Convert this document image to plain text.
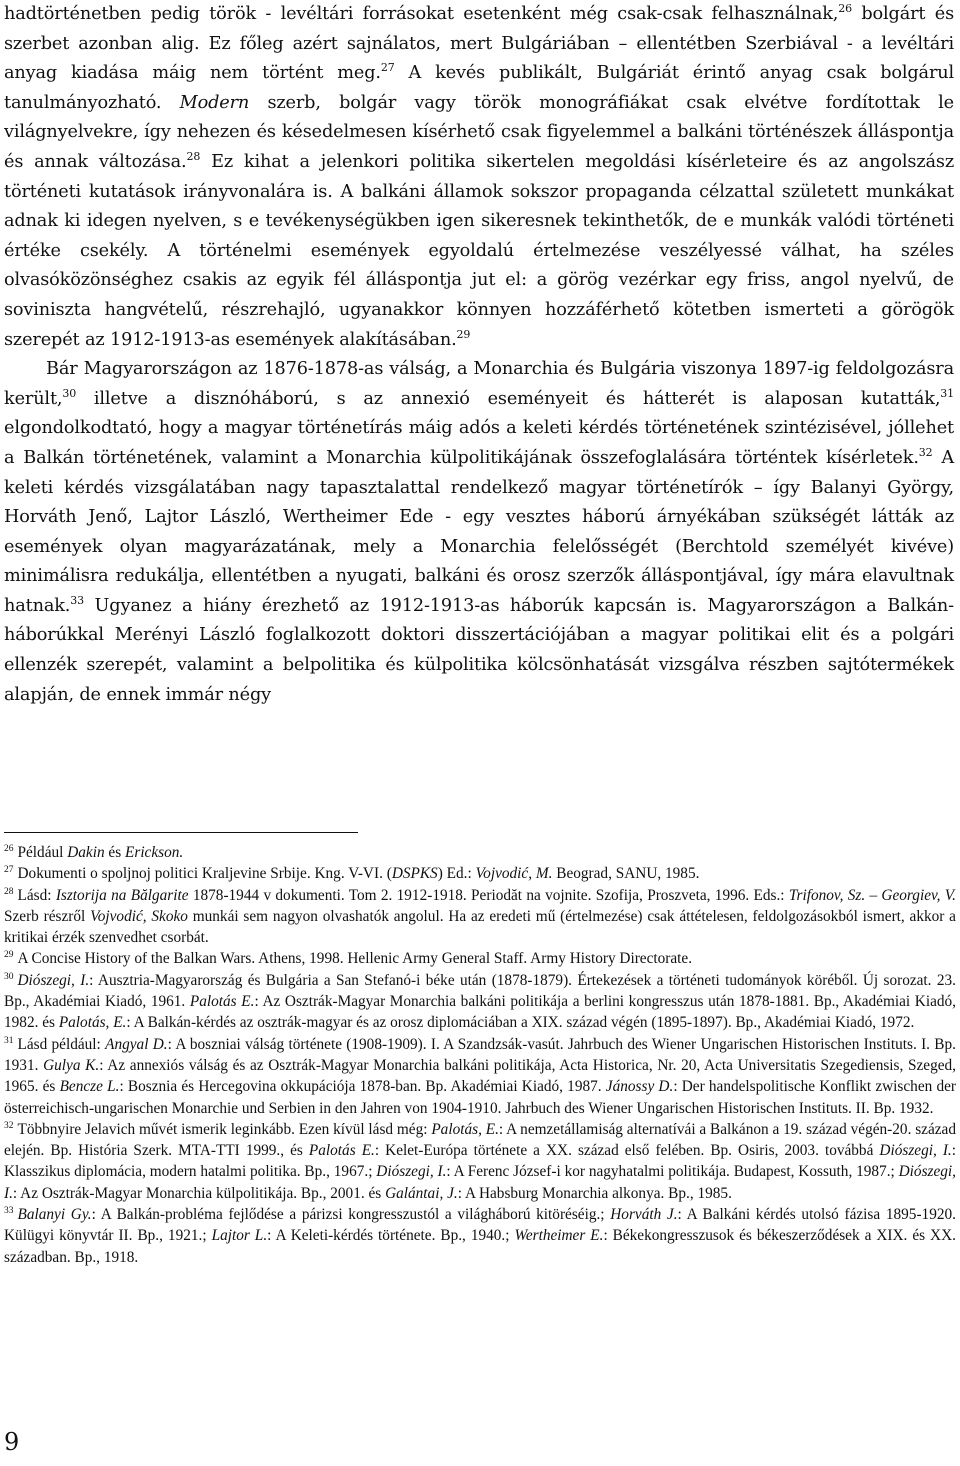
hadtörténetben pedig török - levéltári forrásokat esetenként még csak-csak felhasználnak,$^{26}$ bolgárt és szerbet azonban alig. Ez főleg azért sajnálatos, mert Bulgáriában – ellentétben Szerbiával - a levéltári anyag kiadása máig nem történt meg.$^{27}$ A kevés publikált, Bulgáriát érintő anyag csak bolgárul tanulmányozható. Modern szerb, bolgár vagy török monográfiákat csak elvétve fordítottak le világnyelvekre, így nehezen és késedelmesen kísérhető csak figyelemmel a balkáni történészek álláspontja és annak változása.$^{28}$ Ez kihat a jelenkori politika sikertelen megoldási kísérleteire és az angolszász történeti kutatások irányvonalára is. A balkáni államok sokszor propaganda célzattal született munkákat adnak ki idegen nyelven, s e tevékenységükben igen sikeresnek tekinthetők, de e munkák valódi történeti értéke csekély. A történelmi események egyoldalú értelmezése veszélyessé válhat, ha széles olvasóközönséghez csakis az egyik fél álláspontja jut el: a görög vezérkar egy friss, angol nyelvű, de soviniszta hangvételű, részrehajló, ugyanakkor könnyen hozzáférhető kötetben ismerteti a görögök szerepét az 1912-1913-as események alakításában.$^{29}$

Bár Magyarországon az 1876-1878-as válság, a Monarchia és Bulgária viszonya 1897-ig feldolgozásra került,$^{30}$ illetve a disznóháború, s az annexió eseményeit és hátterét is alaposan kutatták,$^{31}$ elgondolkodtató, hogy a magyar történetírás máig adós a keleti kérdés történetének szintézisével, jóllehet a Balkán történetének, valamint a Monarchia külpolitikájának összefoglalására történtek kísérletek.$^{32}$ A keleti kérdés vizsgálatában nagy tapasztalattal rendelkező magyar történetírók – így Balanyi György, Horváth Jenő, Lajtor László, Wertheimer Ede - egy vesztes háború árnyékában szükségét látták az események olyan magyarázatának, mely a Monarchia felelősségét (Berchtold személyét kivéve) minimálisra redukálja, ellentétben a nyugati, balkáni és orosz szerzők álláspontjával, így mára elavultnak hatnak.$^{33}$ Ugyanez a hiány érezhető az 1912-1913-as háborúk kapcsán is. Magyarországon a Balkán-háborúkkal Merényi László foglalkozott doktori disszertációjában a magyar politikai elit és a polgári ellenzék szerepét, valamint a belpolitika és külpolitika kölcsönhatását vizsgálva részben sajtótermékek alapján, de ennek immár négy

$^{26}$ Például Dakin és Erickson.

$^{27}$ Dokumenti o spoljnoj politici Kraljevine Srbije. Kng. V-VI. (DSPKS) Ed.: Vojvodić, M. Beograd, SANU, 1985.

$^{28}$ Lásd: Isztorija na Bălgarite 1878-1944 v dokumenti. Tom 2. 1912-1918. Periodăt na vojnite. Szofija, Proszveta, 1996. Eds.: Trifonov, Sz. – Georgiev, V. Szerb részről Vojvodić, Skoko munkái sem nagyon olvashatók angolul. Ha az eredeti mű (értelmezése) csak áttételesen, feldolgozásokból ismert, akkor a kritikai érzék szenvedhet csorbát.

$^{29}$ A Concise History of the Balkan Wars. Athens, 1998. Hellenic Army General Staff. Army History Directorate.

$^{30}$ Diószegi, I.: Ausztria-Magyarország és Bulgária a San Stefanó-i béke után (1878-1879). Értekezések a történeti tudományok köréből. Új sorozat. 23. Bp., Akadémiai Kiadó, 1961. Palotás E.: Az Osztrák-Magyar Monarchia balkáni politikája a berlini kongresszus után 1878-1881. Bp., Akadémiai Kiadó, 1982. és Palotás, E.: A Balkán-kérdés az osztrák-magyar és az orosz diplomáciában a XIX. század végén (1895-1897). Bp., Akadémiai Kiadó, 1972.

$^{31}$ Lásd például: Angyal D.: A boszniai válság története (1908-1909). I. A Szandzsák-vasút. Jahrbuch des Wiener Ungarischen Historischen Instituts. I. Bp. 1931. Gulya K.: Az annexiós válság és az Osztrák-Magyar Monarchia balkáni politikája, Acta Historica, Nr. 20, Acta Universitatis Szegediensis, Szeged, 1965. és Bencze L.: Bosznia és Hercegovina okkupációja 1878-ban. Bp. Akadémiai Kiadó, 1987. Jánossy D.: Der handelspolitische Konflikt zwischen der österreichisch-ungarischen Monarchie und Serbien in den Jahren von 1904-1910. Jahrbuch des Wiener Ungarischen Historischen Instituts. II. Bp. 1932.

$^{32}$ Többnyire Jelavich művét ismerik leginkább. Ezen kívül lásd még: Palotás, E.: A nemzetállamiság alternatívái a Balkánon a 19. század végén-20. század elején. Bp. História Szerk. MTA-TTI 1999., és Palotás E.: Kelet-Európa története a XX. század első felében. Bp. Osiris, 2003. továbbá Diószegi, I.: Klasszikus diplomácia, modern hatalmi politika. Bp., 1967.; Diószegi, I.: A Ferenc József-i kor nagyhatalmi politikája. Budapest, Kossuth, 1987.; Diószegi, I.: Az Osztrák-Magyar Monarchia külpolitikája. Bp., 2001. és Galántai, J.: A Habsburg Monarchia alkonya. Bp., 1985.

$^{33}$ Balanyi Gy.: A Balkán-probléma fejlődése a párizsi kongresszustól a világháború kitöréséig.; Horváth J.: A Balkáni kérdés utolsó fázisa 1895-1920. Külügyi könyvtár II. Bp., 1921.; Lajtor L.: A Keleti-kérdés története. Bp., 1940.; Wertheimer E.: Békekongresszusok és békeszerződések a XIX. és XX. században. Bp., 1918.

9
